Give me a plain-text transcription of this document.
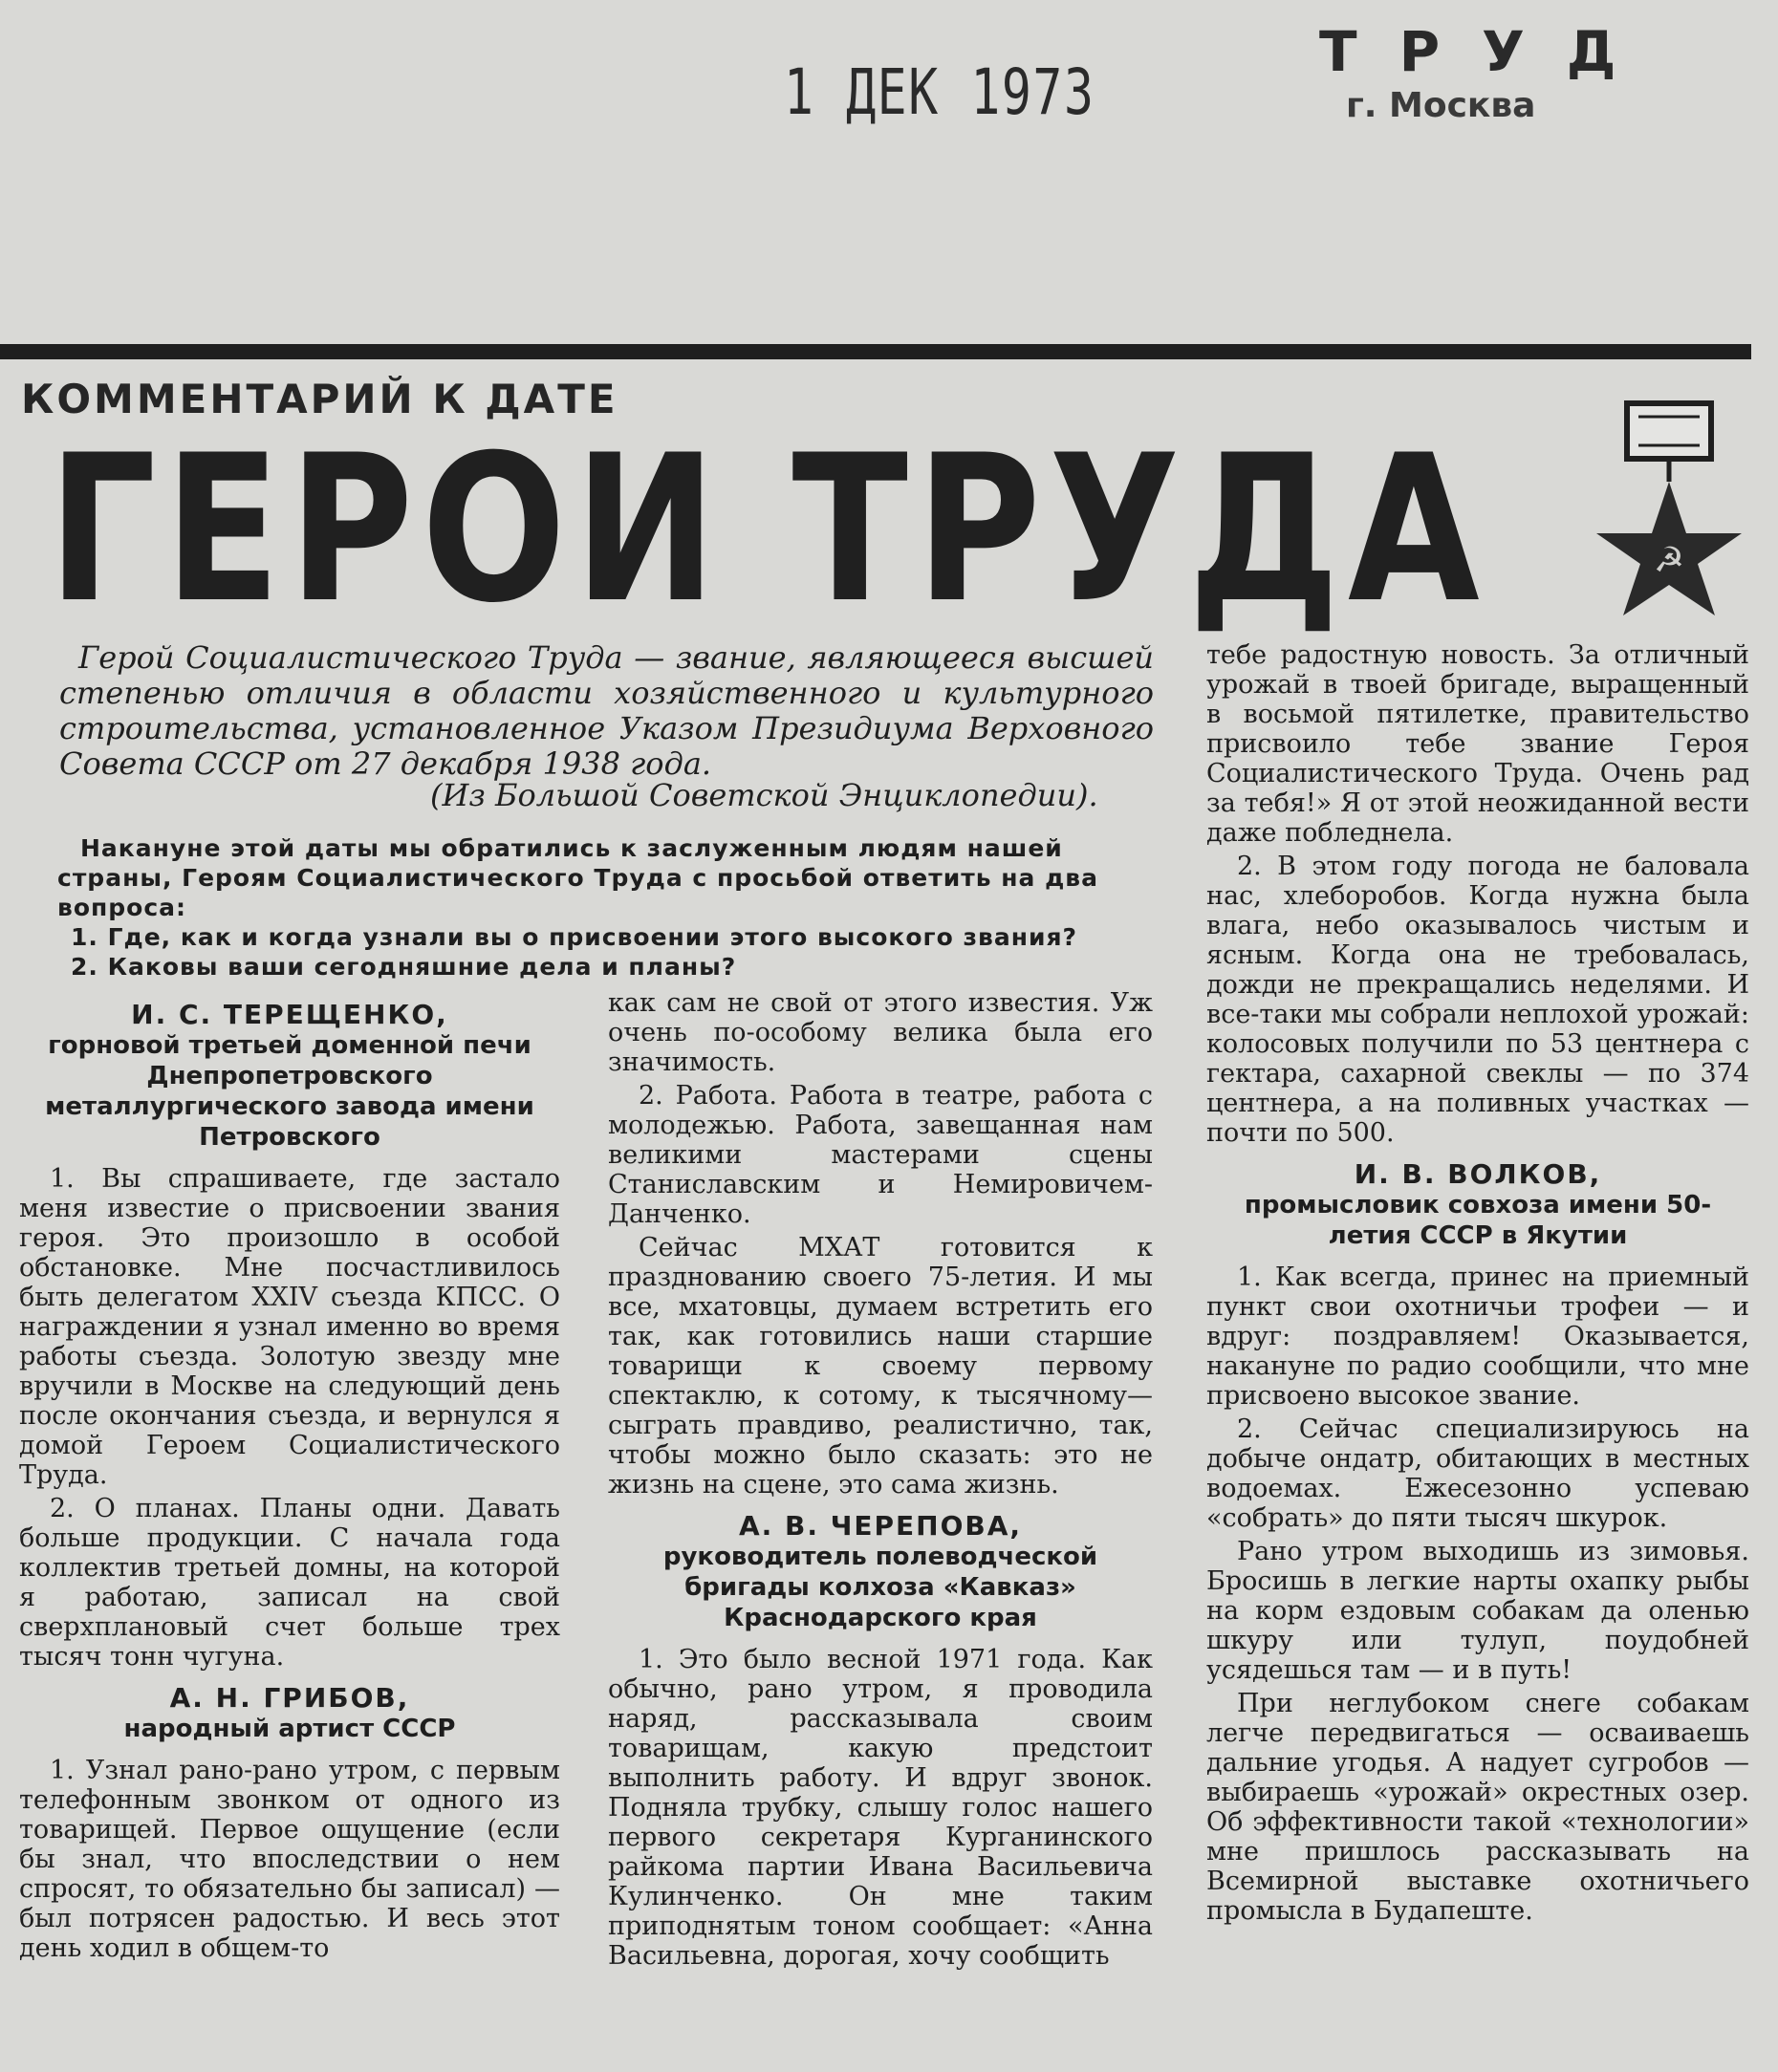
1 ДЕК 1973
ТРУД
г. Москва
КОММЕНТАРИЙ К ДАТЕ
ГЕРОИ ТРУДА	☭
Герой Социалистического Труда — звание, являющееся высшей степенью отличия в области хозяйственного и культурного строительства, установленное Указом Президиума Верховного Совета СССР от 27 декабря 1938 года.
(Из Большой Советской Энциклопедии).
Накануне этой даты мы обратились к заслуженным людям нашей страны, Героям Социалистического Труда с просьбой ответить на два вопроса:
1. Где, как и когда узнали вы о присвоении этого высокого звания?
2. Каковы ваши сегодняшние дела и планы?
И. С. ТЕРЕЩЕНКО,
горновой третьей доменной печи Днепропетровского металлургического завода имени Петровского

1. Вы спрашиваете, где застало меня известие о присвоении звания героя. Это произошло в особой обстановке. Мне посчастливилось быть делегатом XXIV съезда КПСС. О награждении я узнал именно во время работы съезда. Золотую звезду мне вручили в Москве на следующий день после окончания съезда, и вернулся я домой Героем Социалистического Труда.

2. О планах. Планы одни. Давать больше продукции. С начала года коллектив третьей домны, на которой я работаю, записал на свой сверхплановый счет больше трех тысяч тонн чугуна.

А. Н. ГРИБОВ,
народный артист СССР

1. Узнал рано-рано утром, с первым телефонным звонком от одного из товарищей. Первое ощущение (если бы знал, что впоследствии о нем спросят, то обязательно бы записал) — был потрясен радостью. И весь этот день ходил в общем-то

как сам не свой от этого известия. Уж очень по-особому велика была его значимость.

2. Работа. Работа в театре, работа с молодежью. Работа, завещанная нам великими мастерами сцены Станиславским и Немировичем-Данченко.

Сейчас МХАТ готовится к празднованию своего 75-летия. И мы все, мхатовцы, думаем встретить его так, как готовились наши старшие товарищи к своему первому спектаклю, к сотому, к тысячному—сыграть правдиво, реалистично, так, чтобы можно было сказать: это не жизнь на сцене, это сама жизнь.

А. В. ЧЕРЕПОВА,
руководитель полеводческой бригады колхоза «Кавказ» Краснодарского края

1. Это было весной 1971 года. Как обычно, рано утром, я проводила наряд, рассказывала своим товарищам, какую предстоит выполнить работу. И вдруг звонок. Подняла трубку, слышу голос нашего первого секретаря Курганинского райкома партии Ивана Васильевича Кулинченко. Он мне таким приподнятым тоном сообщает: «Анна Васильевна, дорогая, хочу сообщить

тебе радостную новость. За отличный урожай в твоей бригаде, выращенный в восьмой пятилетке, правительство присвоило тебе звание Героя Социалистического Труда. Очень рад за тебя!» Я от этой неожиданной вести даже побледнела.

2. В этом году погода не баловала нас, хлеборобов. Когда нужна была влага, небо оказывалось чистым и ясным. Когда она не требовалась, дожди не прекращались неделями. И все-таки мы собрали неплохой урожай: колосовых получили по 53 центнера с гектара, сахарной свеклы — по 374 центнера, а на поливных участках — почти по 500.

И. В. ВОЛКОВ,
промысловик совхоза имени 50-летия СССР в Якутии

1. Как всегда, принес на приемный пункт свои охотничьи трофеи — и вдруг: поздравляем! Оказывается, накануне по радио сообщили, что мне присвоено высокое звание.

2. Сейчас специализируюсь на добыче ондатр, обитающих в местных водоемах. Ежесезонно успеваю «собрать» до пяти тысяч шкурок.

Рано утром выходишь из зимовья. Бросишь в легкие нарты охапку рыбы на корм ездовым собакам да оленью шкуру или тулуп, поудобней усядешься там — и в путь!

При неглубоком снеге собакам легче передвигаться — осваиваешь дальние угодья. А надует сугробов — выбираешь «урожай» окрестных озер. Об эффективности такой «технологии» мне пришлось рассказывать на Всемирной выставке охотничьего промысла в Будапеште.
